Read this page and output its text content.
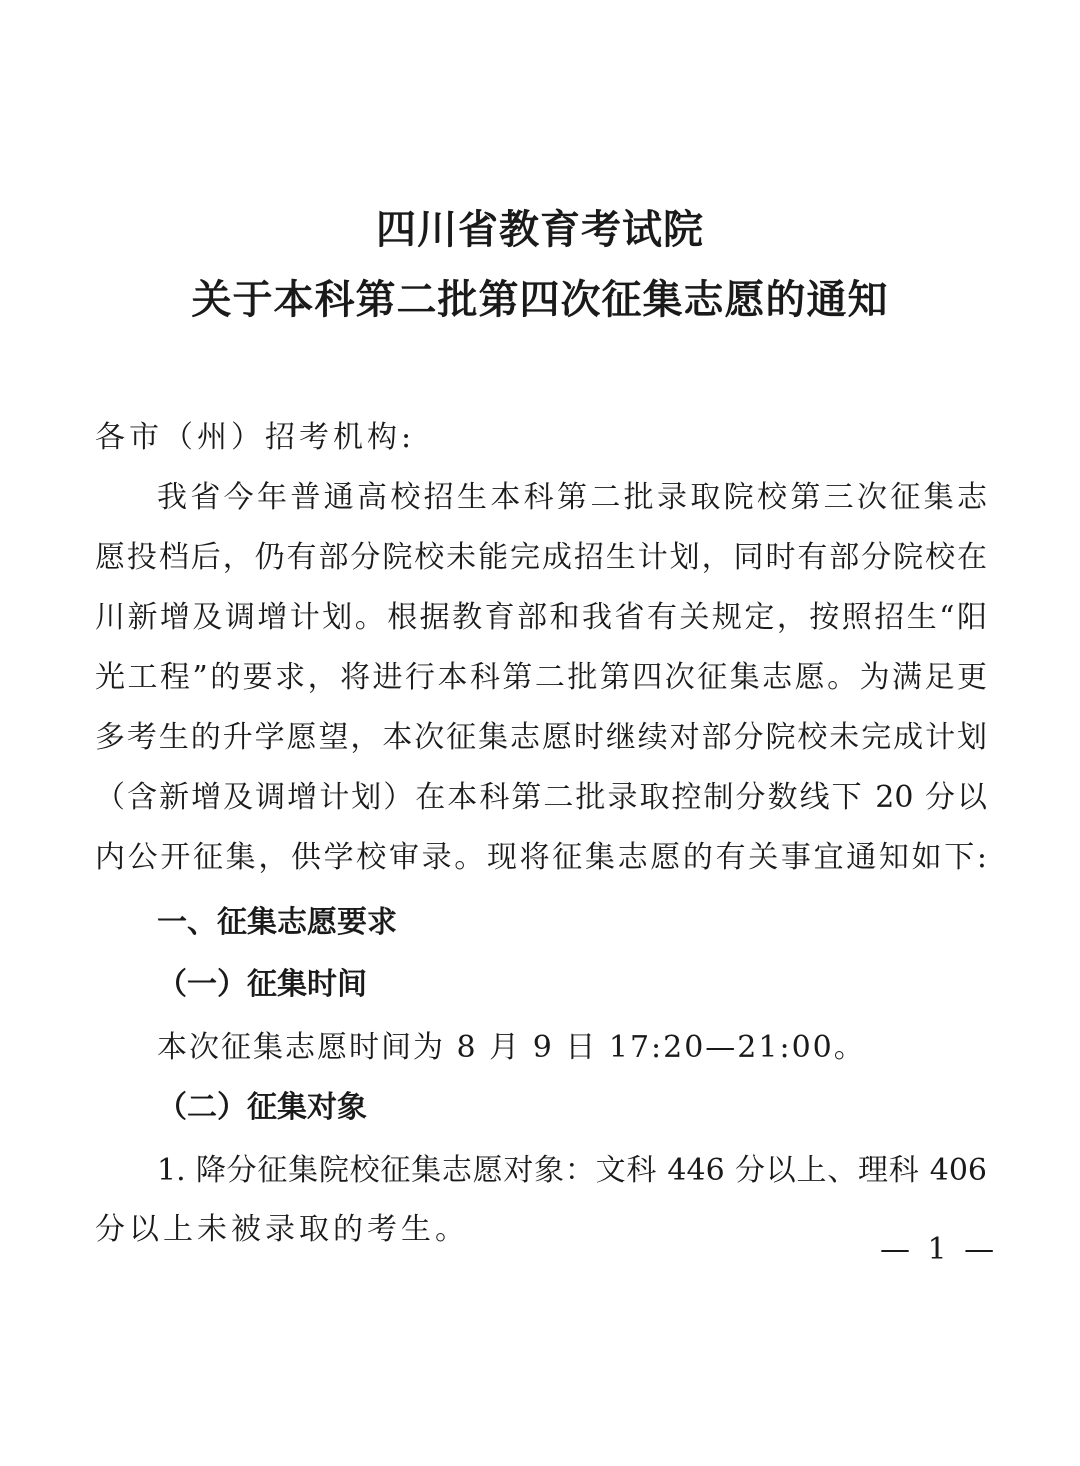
四川省教育考试院
关于本科第二批第四次征集志愿的通知
各市（州）招考机构:
我省今年普通高校招生本科第二批录取院校第三次征集志
愿投档后，仍有部分院校未能完成招生计划，同时有部分院校在
川新增及调增计划。根据教育部和我省有关规定，按照招生“阳
光工程”的要求，将进行本科第二批第四次征集志愿。为满足更
多考生的升学愿望，本次征集志愿时继续对部分院校未完成计划
（含新增及调增计划）在本科第二批录取控制分数线下 20 分以
内公开征集，供学校审录。现将征集志愿的有关事宜通知如下:
一、征集志愿要求
（一）征集时间
本次征集志愿时间为 8 月 9 日 17:20—21:00。
（二）征集对象
1. 降分征集院校征集志愿对象：文科 446 分以上、理科 406
分以上未被录取的考生。
— 1 —
